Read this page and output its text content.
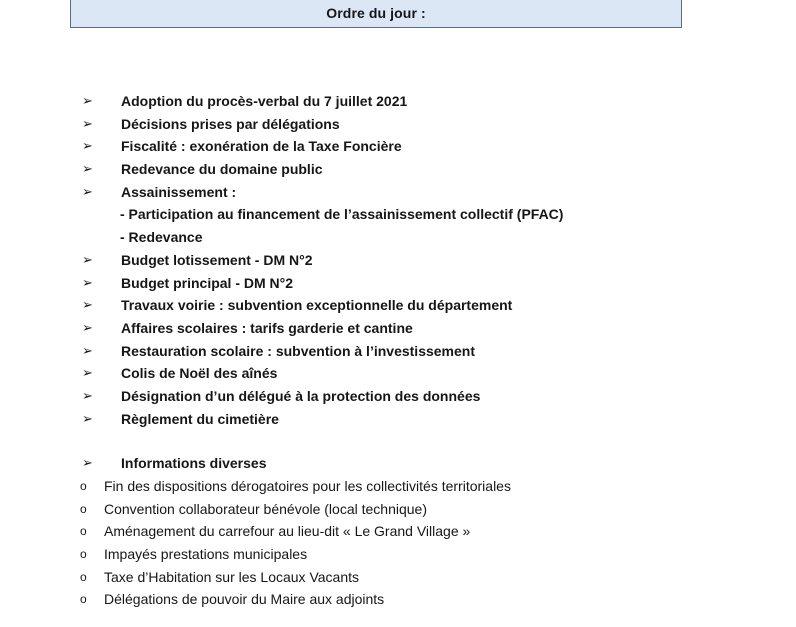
Ordre du jour :
➢ Adoption du procès-verbal du 7 juillet 2021
➢ Décisions prises par délégations
➢ Fiscalité : exonération de la Taxe Foncière
➢ Redevance du domaine public
➢ Assainissement :
- Participation au financement de l’assainissement collectif (PFAC)
- Redevance
➢ Budget lotissement - DM N°2
➢ Budget principal - DM N°2
➢ Travaux voirie : subvention exceptionnelle du département
➢ Affaires scolaires : tarifs garderie et cantine
➢ Restauration scolaire : subvention à l’investissement
➢ Colis de Noël des aînés
➢ Désignation d’un délégué à la protection des données
➢ Règlement du cimetière
➢ Informations diverses
o Fin des dispositions dérogatoires pour les collectivités territoriales
o Convention collaborateur bénévole (local technique)
o Aménagement du carrefour au lieu-dit « Le Grand Village »
o Impayés prestations municipales
o Taxe d’Habitation sur les Locaux Vacants
o Délégations de pouvoir du Maire aux adjoints
